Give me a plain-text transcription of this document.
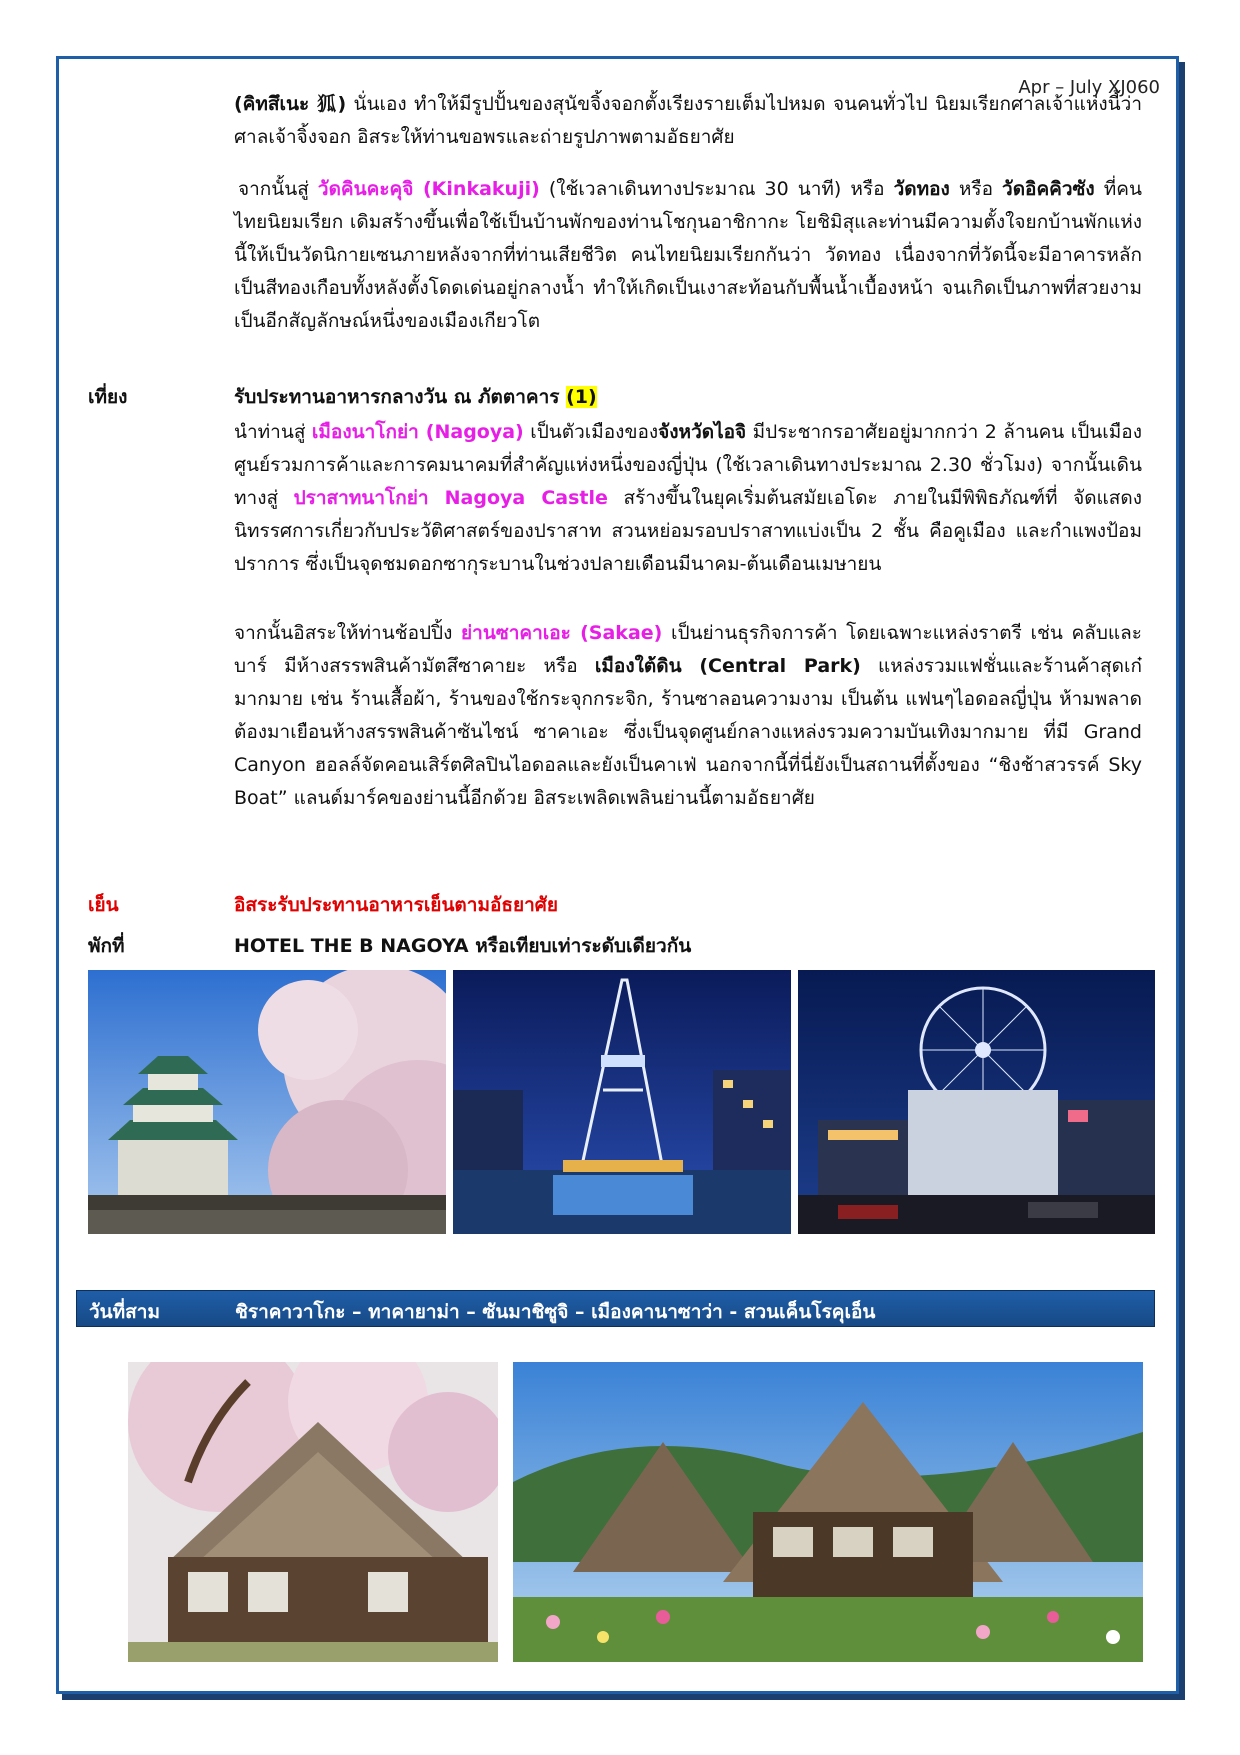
Apr – July XJ060

(คิทสึเนะ 狐) นั่นเอง ทำให้มีรูปปั้นของสุนัขจิ้งจอกตั้งเรียงรายเต็มไปหมด จนคนทั่วไป นิยมเรียกศาลเจ้าแห่งนี้ว่า ศาลเจ้าจิ้งจอก อิสระให้ท่านขอพรและถ่ายรูปภาพตามอัธยาศัย

จากนั้นสู่ วัดคินคะคุจิ (Kinkakuji) (ใช้เวลาเดินทางประมาณ 30 นาที) หรือ วัดทอง หรือ วัดอิคคิวซัง ที่คนไทยนิยมเรียก เดิมสร้างขึ้นเพื่อใช้เป็นบ้านพักของท่านโชกุนอาชิกากะ โยชิมิสุและท่านมีความตั้งใจยกบ้านพักแห่งนี้ให้เป็นวัดนิกายเซนภายหลังจากที่ท่านเสียชีวิต คนไทยนิยมเรียกกันว่า วัดทอง เนื่องจากที่วัดนี้จะมีอาคารหลักเป็นสีทองเกือบทั้งหลังตั้งโดดเด่นอยู่กลางน้ำ ทำให้เกิดเป็นเงาสะท้อนกับพื้นน้ำเบื้องหน้า จนเกิดเป็นภาพที่สวยงามเป็นอีกสัญลักษณ์หนึ่งของเมืองเกียวโต

เที่ยง	รับประทานอาหารกลางวัน ณ ภัตตาคาร (1)

นำท่านสู่ เมืองนาโกย่า (Nagoya) เป็นตัวเมืองของจังหวัดไอจิ มีประชากรอาศัยอยู่มากกว่า 2 ล้านคน เป็นเมืองศูนย์รวมการค้าและการคมนาคมที่สำคัญแห่งหนึ่งของญี่ปุ่น (ใช้เวลาเดินทางประมาณ 2.30 ชั่วโมง) จากนั้นเดินทางสู่ ปราสาทนาโกย่า Nagoya Castle สร้างขึ้นในยุคเริ่มต้นสมัยเอโดะ ภายในมีพิพิธภัณฑ์ที่ จัดแสดงนิทรรศการเกี่ยวกับประวัติศาสตร์ของปราสาท สวนหย่อมรอบปราสาทแบ่งเป็น 2 ชั้น คือคูเมือง และกำแพงป้อมปราการ ซึ่งเป็นจุดชมดอกซากุระบานในช่วงปลายเดือนมีนาคม-ต้นเดือนเมษายน

จากนั้นอิสระให้ท่านช้อปปิ้ง ย่านซาคาเอะ (Sakae) เป็นย่านธุรกิจการค้า โดยเฉพาะแหล่งราตรี เช่น คลับและบาร์ มีห้างสรรพสินค้ามัตสึซาคายะ หรือ เมืองใต้ดิน (Central Park) แหล่งรวมแฟชั่นและร้านค้าสุดเก๋มากมาย เช่น ร้านเสื้อผ้า, ร้านของใช้กระจุกกระจิก, ร้านซาลอนความงาม เป็นต้น แฟนๆไอดอลญี่ปุ่น ห้ามพลาด ต้องมาเยือนห้างสรรพสินค้าซันไชน์ ซาคาเอะ ซึ่งเป็นจุดศูนย์กลางแหล่งรวมความบันเทิงมากมาย ที่มี Grand Canyon ฮอลล์จัดคอนเสิร์ตศิลปินไอดอลและยังเป็นคาเฟ่ นอกจากนี้ที่นี่ยังเป็นสถานที่ตั้งของ “ชิงช้าสวรรค์ Sky Boat” แลนด์มาร์คของย่านนี้อีกด้วย อิสระเพลิดเพลินย่านนี้ตามอัธยาศัย

เย็น	อิสระรับประทานอาหารเย็นตามอัธยาศัย
พักที่	HOTEL THE B NAGOYA หรือเทียบเท่าระดับเดียวกัน
วันที่สาม	ชิราคาวาโกะ – ทาคายาม่า – ซันมาชิซูจิ – เมืองคานาซาว่า - สวนเค็นโรคุเอ็น
